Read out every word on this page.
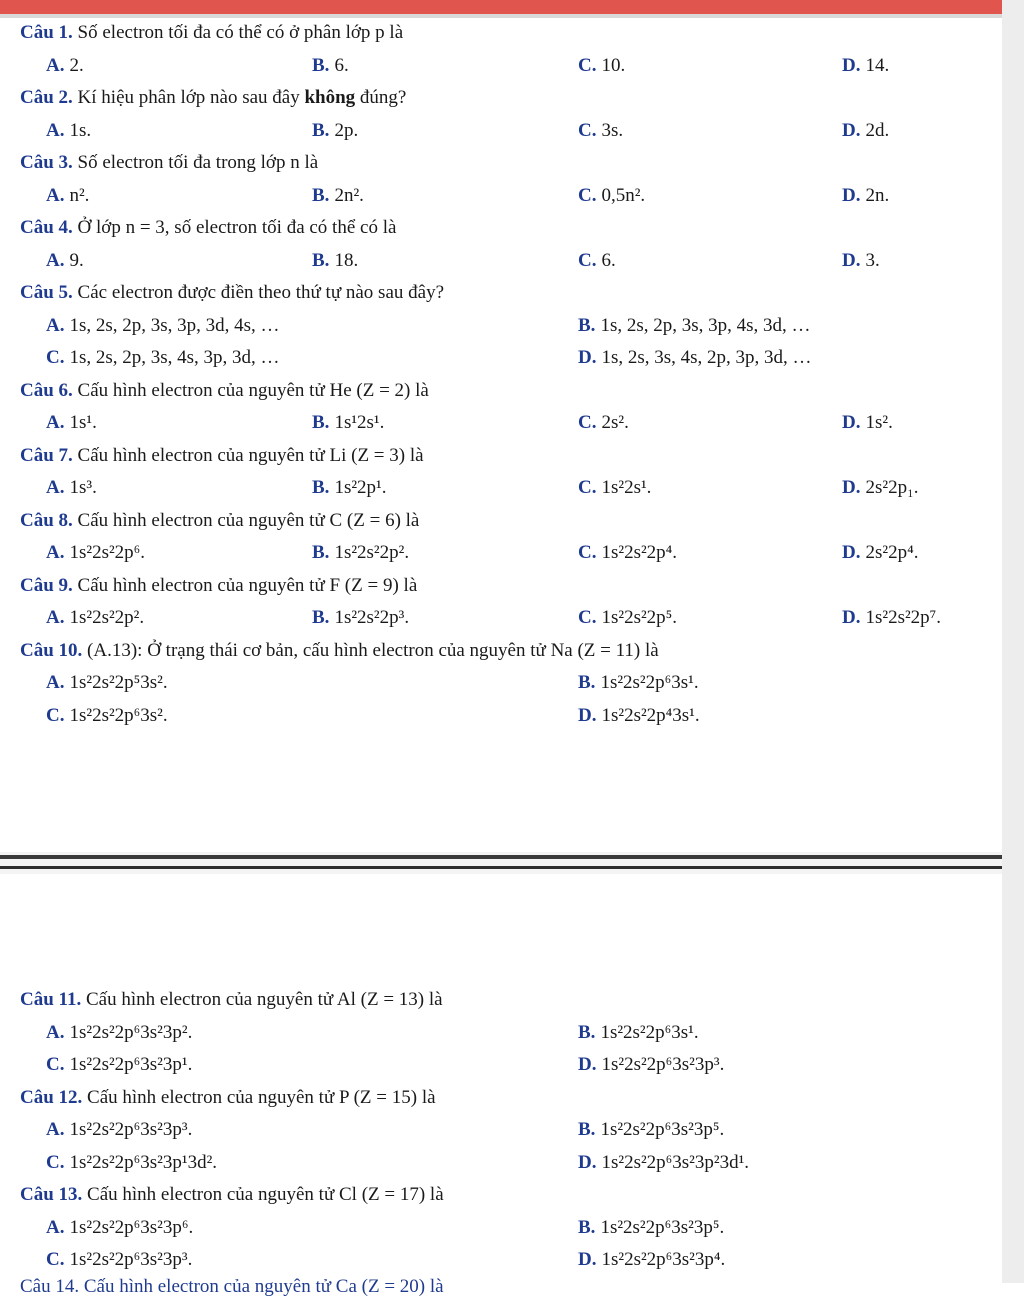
Câu 1. Số electron tối đa có thể có ở phân lớp p là
A. 2.	B. 6.	C. 10.	D. 14.
Câu 2. Kí hiệu phân lớp nào sau đây không đúng?
A. 1s.	B. 2p.	C. 3s.	D. 2d.
Câu 3. Số electron tối đa trong lớp n là
A. n².	B. 2n².	C. 0,5n².	D. 2n.
Câu 4. Ở lớp n = 3, số electron tối đa có thể có là
A. 9.	B. 18.	C. 6.	D. 3.
Câu 5. Các electron được điền theo thứ tự nào sau đây?
A. 1s, 2s, 2p, 3s, 3p, 3d, 4s, …	B. 1s, 2s, 2p, 3s, 3p, 4s, 3d, …
C. 1s, 2s, 2p, 3s, 4s, 3p, 3d, …	D. 1s, 2s, 3s, 4s, 2p, 3p, 3d, …
Câu 6. Cấu hình electron của nguyên tử He (Z = 2) là
A. 1s¹.	B. 1s¹2s¹.	C. 2s².	D. 1s².
Câu 7. Cấu hình electron của nguyên tử Li (Z = 3) là
A. 1s³.	B. 1s²2p¹.	C. 1s²2s¹.	D. 2s²2p₁.
Câu 8. Cấu hình electron của nguyên tử C (Z = 6) là
A. 1s²2s²2p⁶.	B. 1s²2s²2p².	C. 1s²2s²2p⁴.	D. 2s²2p⁴.
Câu 9. Cấu hình electron của nguyên tử F (Z = 9) là
A. 1s²2s²2p².	B. 1s²2s²2p³.	C. 1s²2s²2p⁵.	D. 1s²2s²2p⁷.
Câu 10. (A.13): Ở trạng thái cơ bản, cấu hình electron của nguyên tử Na (Z = 11) là
A. 1s²2s²2p⁵3s².	B. 1s²2s²2p⁶3s¹.
C. 1s²2s²2p⁶3s².	D. 1s²2s²2p⁴3s¹.
Câu 11. Cấu hình electron của nguyên tử Al (Z = 13) là
A. 1s²2s²2p⁶3s²3p².	B. 1s²2s²2p⁶3s¹.
C. 1s²2s²2p⁶3s²3p¹.	D. 1s²2s²2p⁶3s²3p³.
Câu 12. Cấu hình electron của nguyên tử P (Z = 15) là
A. 1s²2s²2p⁶3s²3p³.	B. 1s²2s²2p⁶3s²3p⁵.
C. 1s²2s²2p⁶3s²3p¹3d².	D. 1s²2s²2p⁶3s²3p²3d¹.
Câu 13. Cấu hình electron của nguyên tử Cl (Z = 17) là
A. 1s²2s²2p⁶3s²3p⁶.	B. 1s²2s²2p⁶3s²3p⁵.
C. 1s²2s²2p⁶3s²3p³.	D. 1s²2s²2p⁶3s²3p⁴.
Câu 14. Cấu hình electron của nguyên tử Ca (Z = 20) là
